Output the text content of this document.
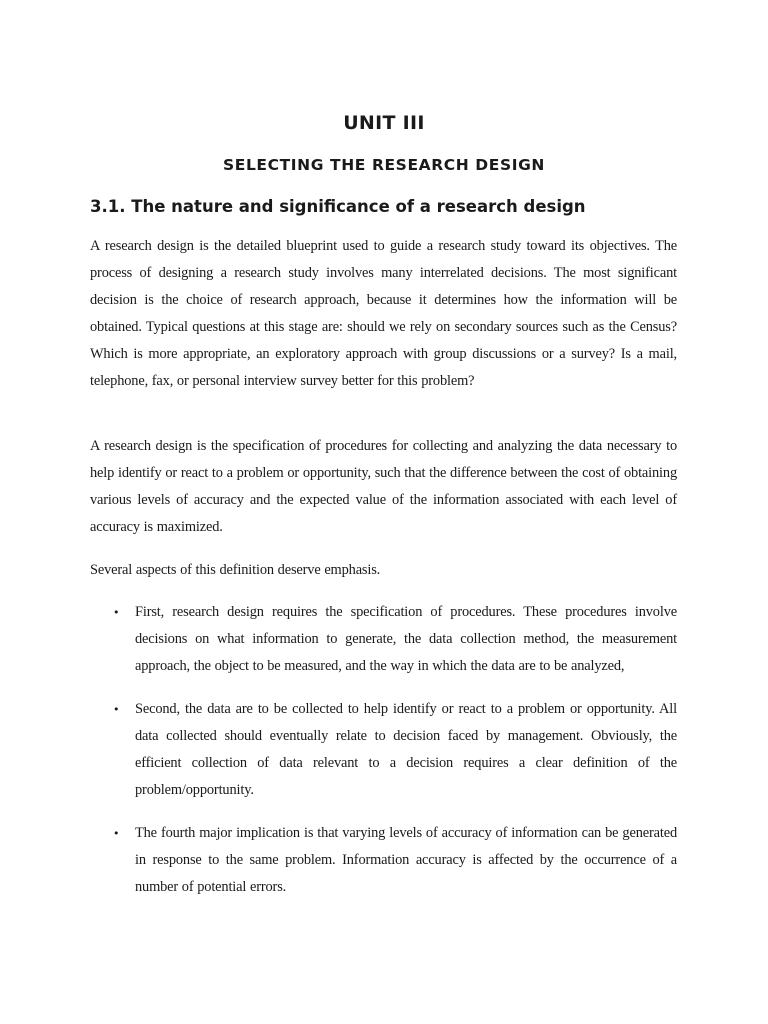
UNIT III
SELECTING THE RESEARCH DESIGN
3.1. The nature and significance of a research design

A research design is the detailed blueprint used to guide a research study toward its objectives. The process of designing a research study involves many interrelated decisions. The most significant decision is the choice of research approach, because it determines how the information will be obtained. Typical questions at this stage are: should we rely on secondary sources such as the Census? Which is more appropriate, an exploratory approach with group discussions or a survey? Is a mail, telephone, fax, or personal interview survey better for this problem?

A research design is the specification of procedures for collecting and analyzing the data necessary to help identify or react to a problem or opportunity, such that the difference between the cost of obtaining various levels of accuracy and the expected value of the information associated with each level of accuracy is maximized.

Several aspects of this definition deserve emphasis.

• First, research design requires the specification of procedures. These procedures involve decisions on what information to generate, the data collection method, the measurement approach, the object to be measured, and the way in which the data are to be analyzed,

• Second, the data are to be collected to help identify or react to a problem or opportunity. All data collected should eventually relate to decision faced by management. Obviously, the efficient collection of data relevant to a decision requires a clear definition of the problem/opportunity.

• The fourth major implication is that varying levels of accuracy of information can be generated in response to the same problem. Information accuracy is affected by the occurrence of a number of potential errors.
